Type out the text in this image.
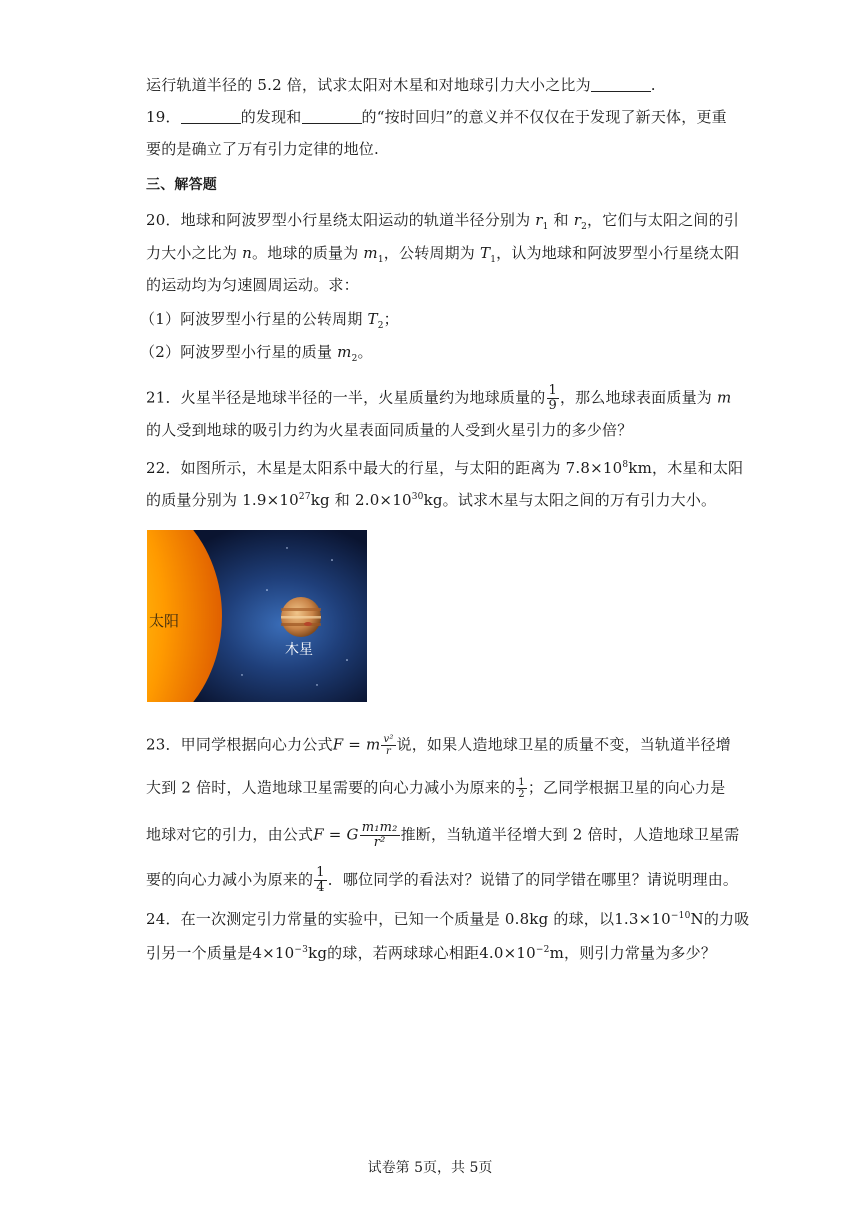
运行轨道半径的 5.2 倍，试求太阳对木星和对地球引力大小之比为	.
19．	的发现和	的“按时回归”的意义并不仅仅在于发现了新天体，更重
要的是确立了万有引力定律的地位.
三、解答题
20．地球和阿波罗型小行星绕太阳运动的轨道半径分别为 $r_1$ 和 $r_2$，它们与太阳之间的引
力大小之比为 n。地球的质量为 $m_1$，公转周期为 $T_1$，认为地球和阿波罗型小行星绕太阳
的运动均为匀速圆周运动。求：
（1）阿波罗型小行星的公转周期 $T_2$；
（2）阿波罗型小行星的质量 $m_2$。
21．火星半径是地球半径的一半，火星质量约为地球质量的 $\frac{1}{9}$ ，那么地球表面质量为 m
的人受到地球的吸引力约为火星表面同质量的人受到火星引力的多少倍？
22．如图所示，木星是太阳系中最大的行星，与太阳的距离为 $7.8\times 10^8km$，木星和太阳
的质量分别为 $1.9\times 10^{27}kg$ 和 $2.0\times 10^{30}kg$。试求木星与太阳之间的万有引力大小。
太阳
木星
23．甲同学根据向心力公式F = m $\frac{\text{v²}}{r}$ 说，如果人造地球卫星的质量不变，当轨道半径增
大到 2 倍时，人造地球卫星需要的向心力减小为原来的 $\frac{1}{2}$ ；乙同学根据卫星的向心力是
地球对它的引力，由公式F = G $\frac{\text{m₁m₂}}{\text{r²}}$ 推断，当轨道半径增大到 2 倍时，人造地球卫星需
要的向心力减小为原来的 $\frac{1}{4}$ ．哪位同学的看法对？说错了的同学错在哪里？请说明理由。
24．在一次测定引力常量的实验中，已知一个质量是 0.8kg 的球，以$1.3\times 10^{-10}N$的力吸
引另一个质量是$4\times 10^{-3}kg$的球，若两球球心相距$4.0\times 10^{-2}m$，则引力常量为多少？
试卷第 5页，共 5页
